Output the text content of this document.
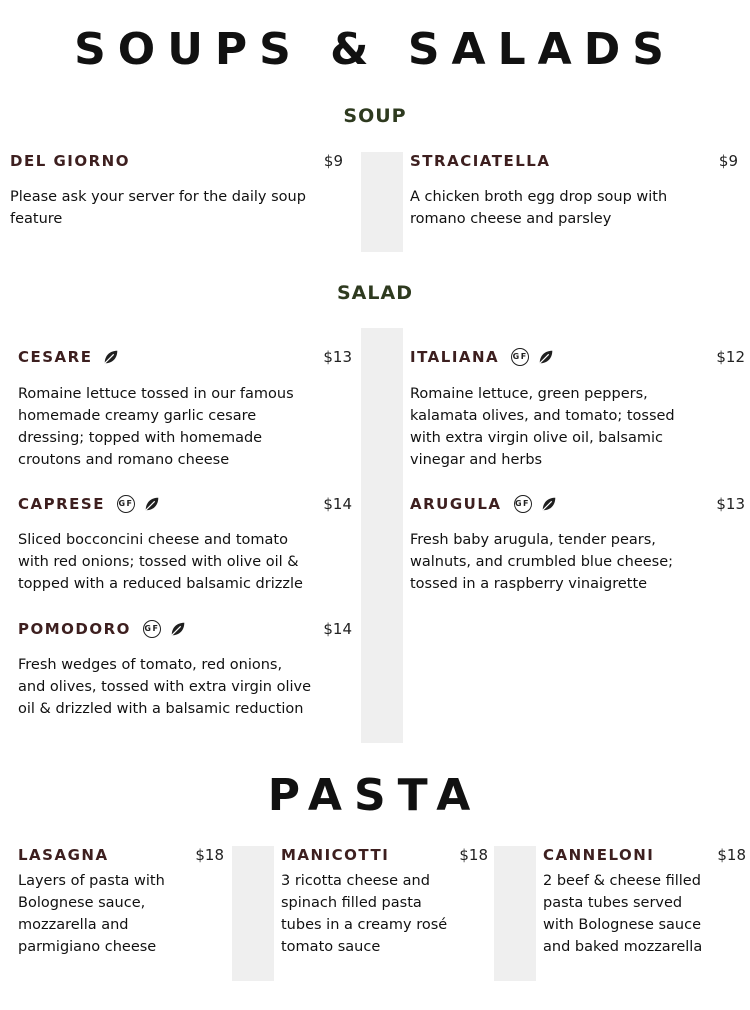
SOUPS & SALADS
SOUP
SALAD
PASTA
DEL GIORNO	$9
Please ask your server for the daily soup
feature
STRACIATELLA	$9
A chicken broth egg drop soup with
romano cheese and parsley
CESARE	$13
Romaine lettuce tossed in our famous
homemade creamy garlic cesare
dressing; topped with homemade
croutons and romano cheese
CAPRESE GF	$14
Sliced bocconcini cheese and tomato
with red onions; tossed with olive oil &
topped with a reduced balsamic drizzle
POMODORO GF	$14
Fresh wedges of tomato, red onions,
and olives, tossed with extra virgin olive
oil & drizzled with a balsamic reduction
ITALIANA GF	$12
Romaine lettuce, green peppers,
kalamata olives, and tomato; tossed
with extra virgin olive oil, balsamic
vinegar and herbs
ARUGULA GF	$13
Fresh baby arugula, tender pears,
walnuts, and crumbled blue cheese;
tossed in a raspberry vinaigrette
LASAGNA	$18
Layers of pasta with
Bolognese sauce,
mozzarella and
parmigiano cheese
MANICOTTI	$18
3 ricotta cheese and
spinach filled pasta
tubes in a creamy rosé
tomato sauce
CANNELONI	$18
2 beef & cheese filled
pasta tubes served
with Bolognese sauce
and baked mozzarella
